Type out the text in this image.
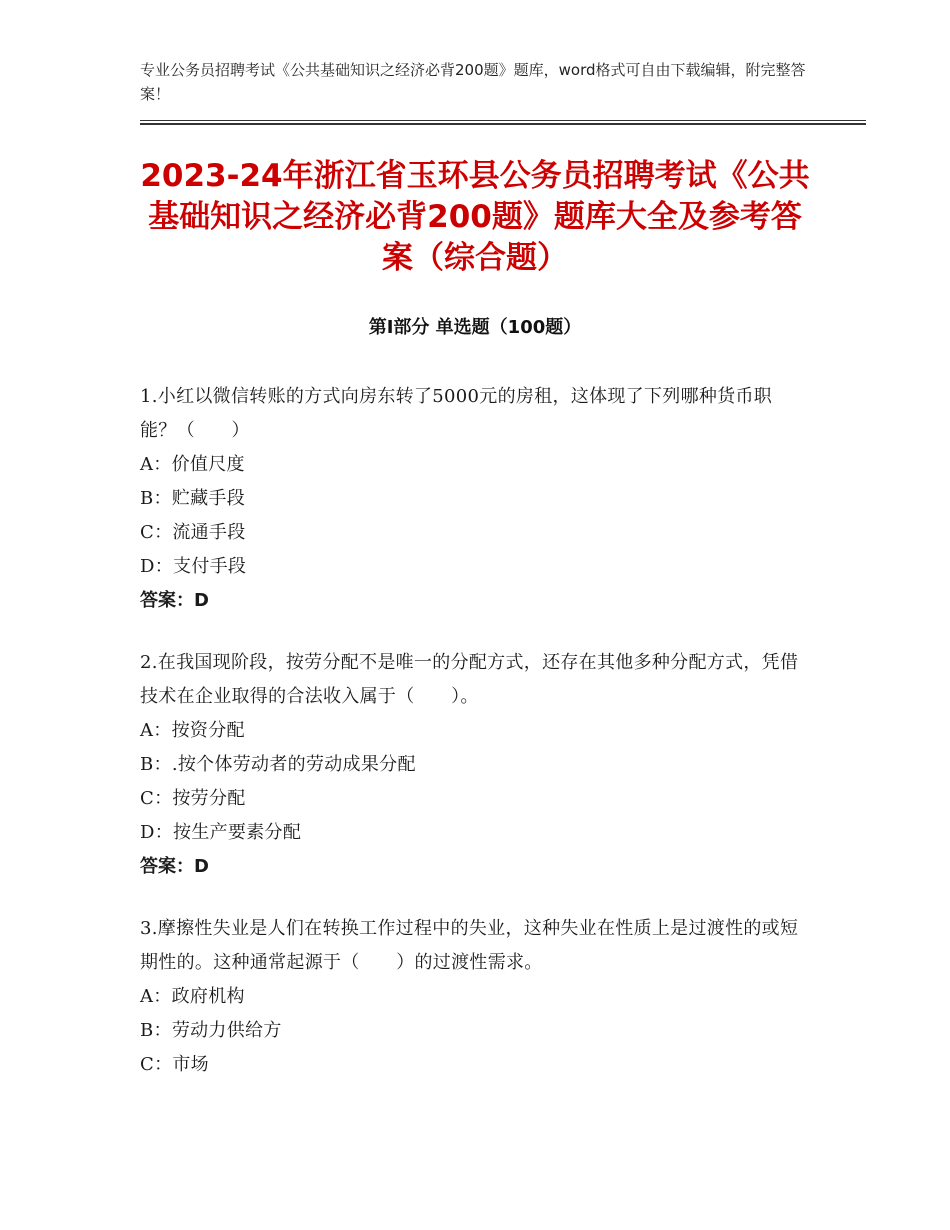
专业公务员招聘考试《公共基础知识之经济必背200题》题库，word格式可自由下载编辑，附完整答案！
2023-24年浙江省玉环县公务员招聘考试《公共基础知识之经济必背200题》题库大全及参考答案（综合题）
第Ⅰ部分 单选题（100题）
1.小红以微信转账的方式向房东转了5000元的房租，这体现了下列哪种货币职能？（　　）
A：价值尺度
B：贮藏手段
C：流通手段
D：支付手段
答案：D
2.在我国现阶段，按劳分配不是唯一的分配方式，还存在其他多种分配方式，凭借技术在企业取得的合法收入属于（　　）。
A：按资分配
B：.按个体劳动者的劳动成果分配
C：按劳分配
D：按生产要素分配
答案：D
3.摩擦性失业是人们在转换工作过程中的失业，这种失业在性质上是过渡性的或短期性的。这种通常起源于（　　）的过渡性需求。
A：政府机构
B：劳动力供给方
C：市场
